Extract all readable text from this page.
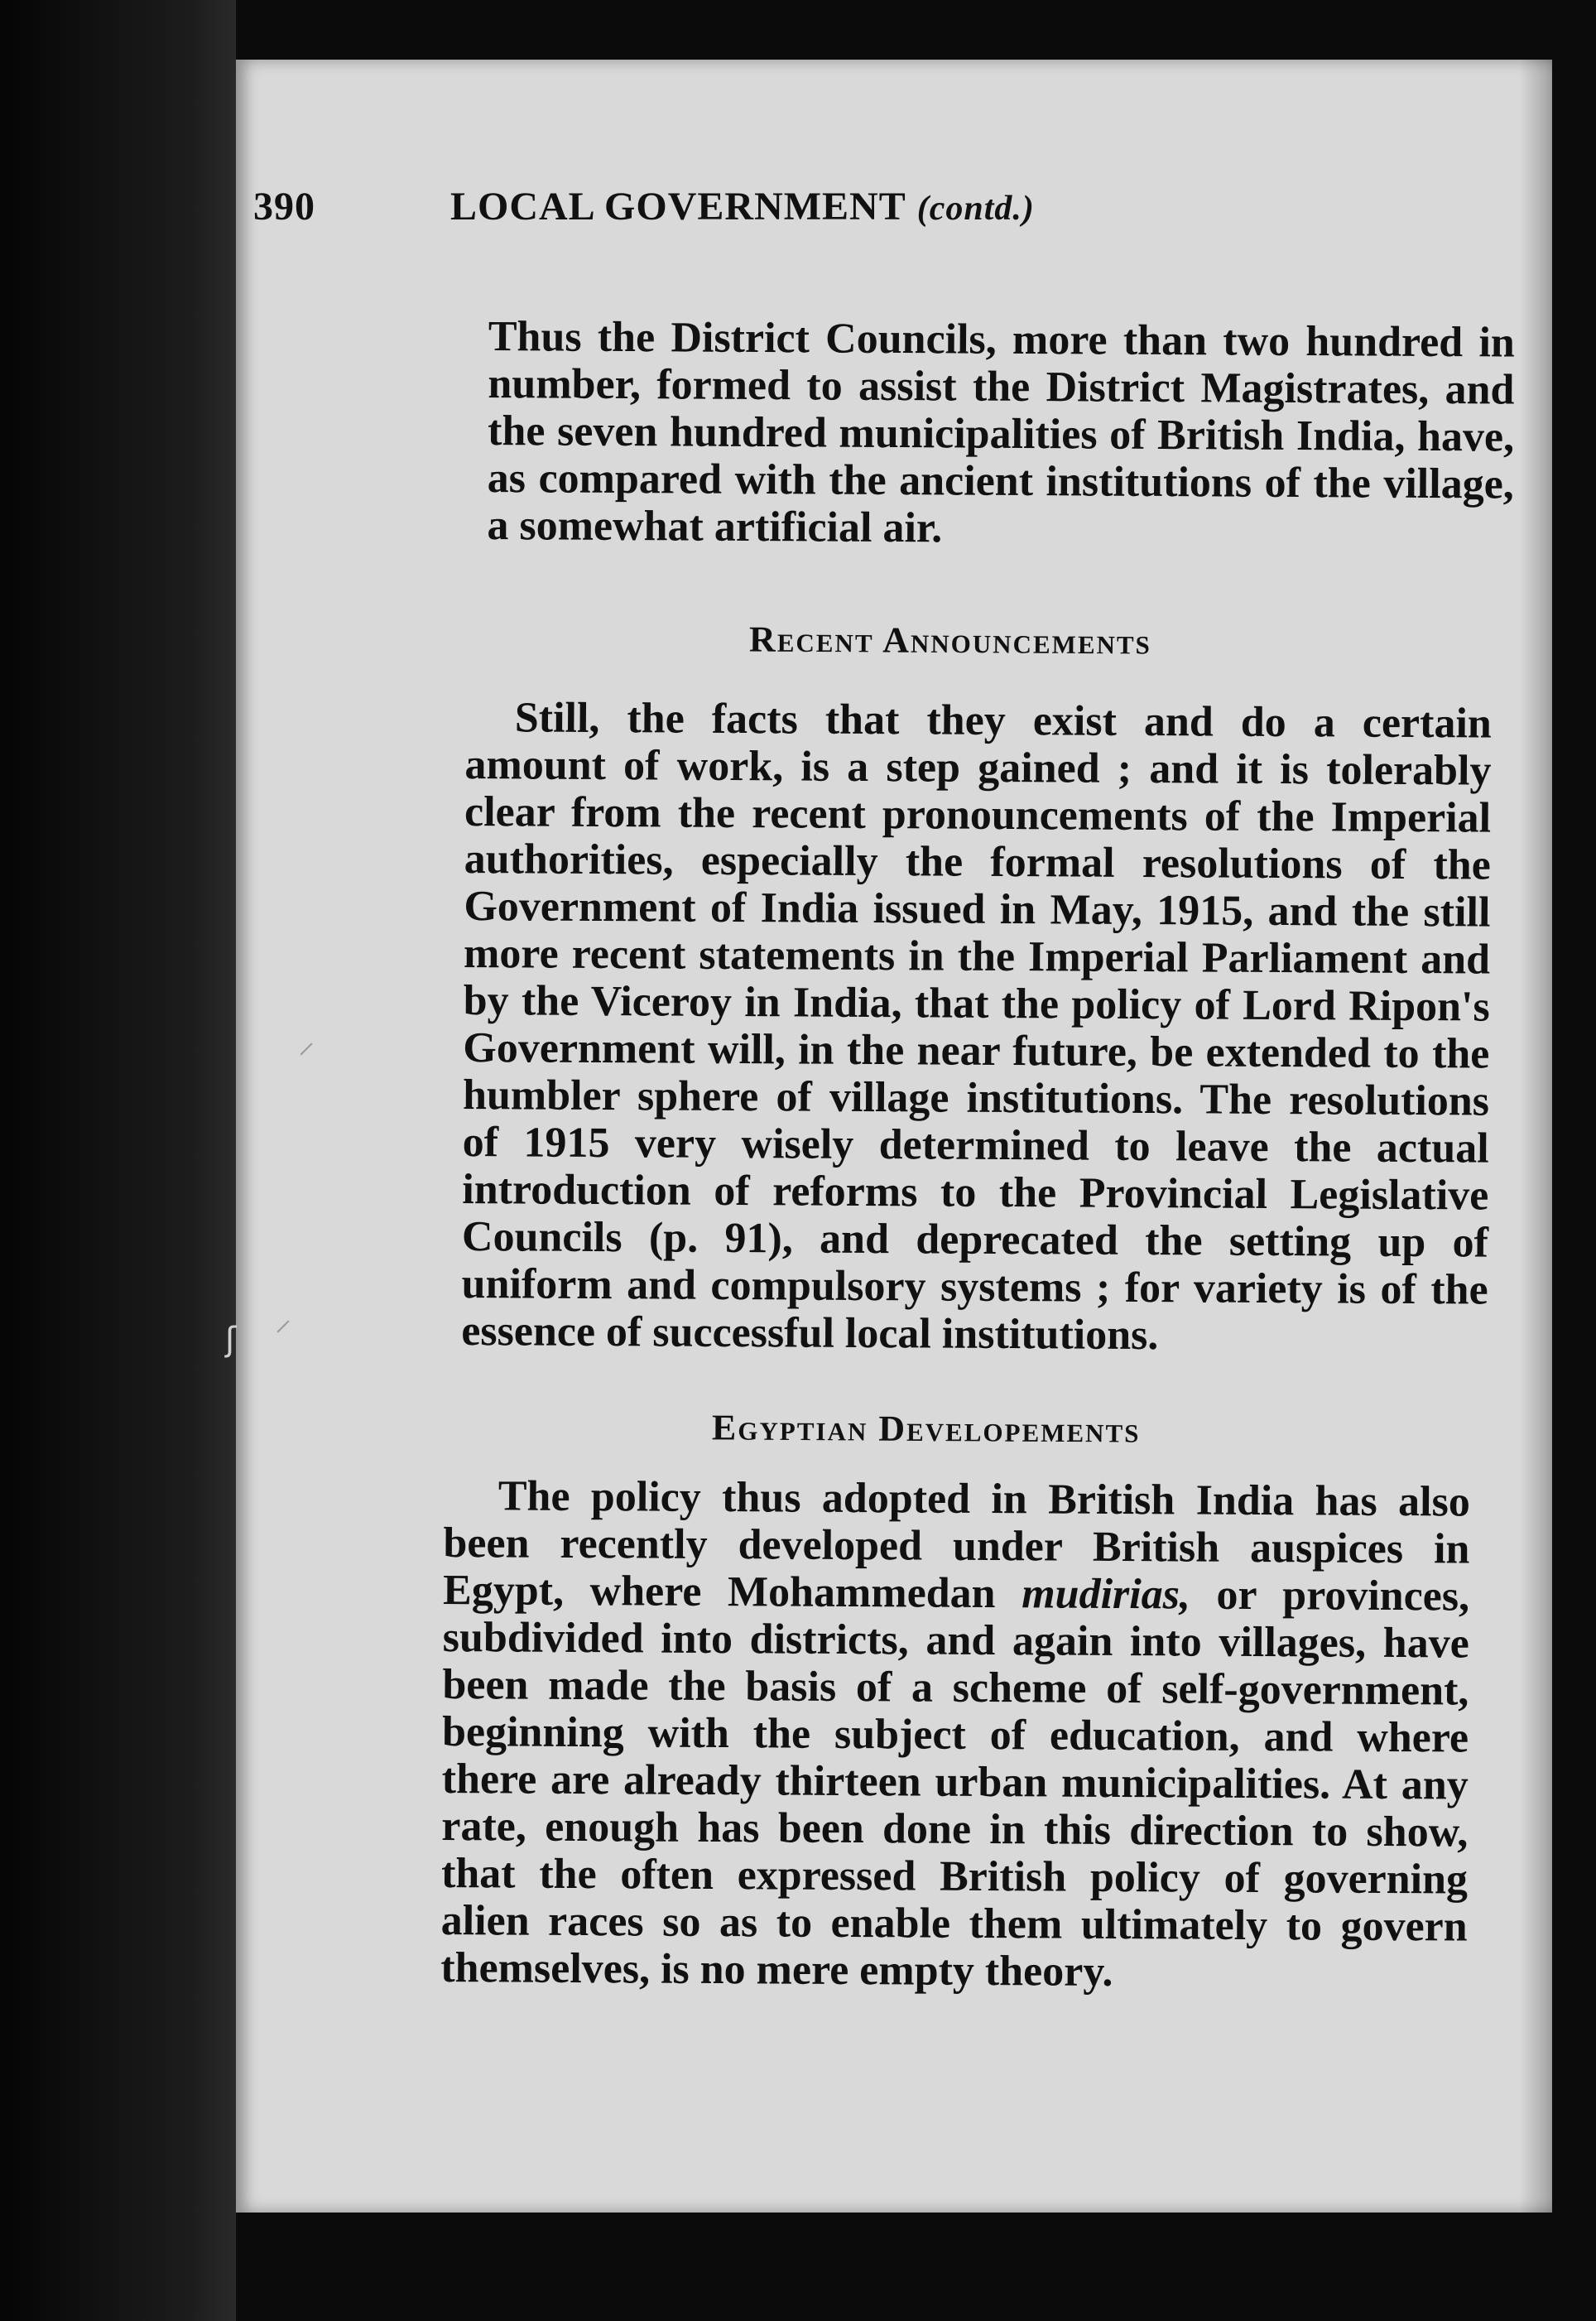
⸍
⸍
ʃ
390	LOCAL GOVERNMENT (contd.)
Thus the District Councils, more than two hundred in number, formed to assist the District Magistrates, and the seven hundred municipalities of British India, have, as compared with the ancient institutions of the village, a somewhat artificial air.
Recent Announcements
Still, the facts that they exist and do a certain amount of work, is a step gained ; and it is tolerably clear from the recent pronouncements of the Imperial authorities, especially the formal resolutions of the Government of India issued in May, 1915, and the still more recent statements in the Imperial Parliament and by the Viceroy in India, that the policy of Lord Ripon's Government will, in the near future, be extended to the humbler sphere of village institutions. The resolutions of 1915 very wisely determined to leave the actual introduction of reforms to the Provincial Legislative Councils (p. 91), and deprecated the setting up of uniform and compulsory systems ; for variety is of the essence of successful local institutions.
Egyptian Developements
The policy thus adopted in British India has also been recently developed under British auspices in Egypt, where Mohammedan mudirias, or provinces, subdivided into districts, and again into villages, have been made the basis of a scheme of self-government, beginning with the subject of education, and where there are already thirteen urban municipalities. At any rate, enough has been done in this direction to show, that the often expressed British policy of governing alien races so as to enable them ultimately to govern themselves, is no mere empty theory.
